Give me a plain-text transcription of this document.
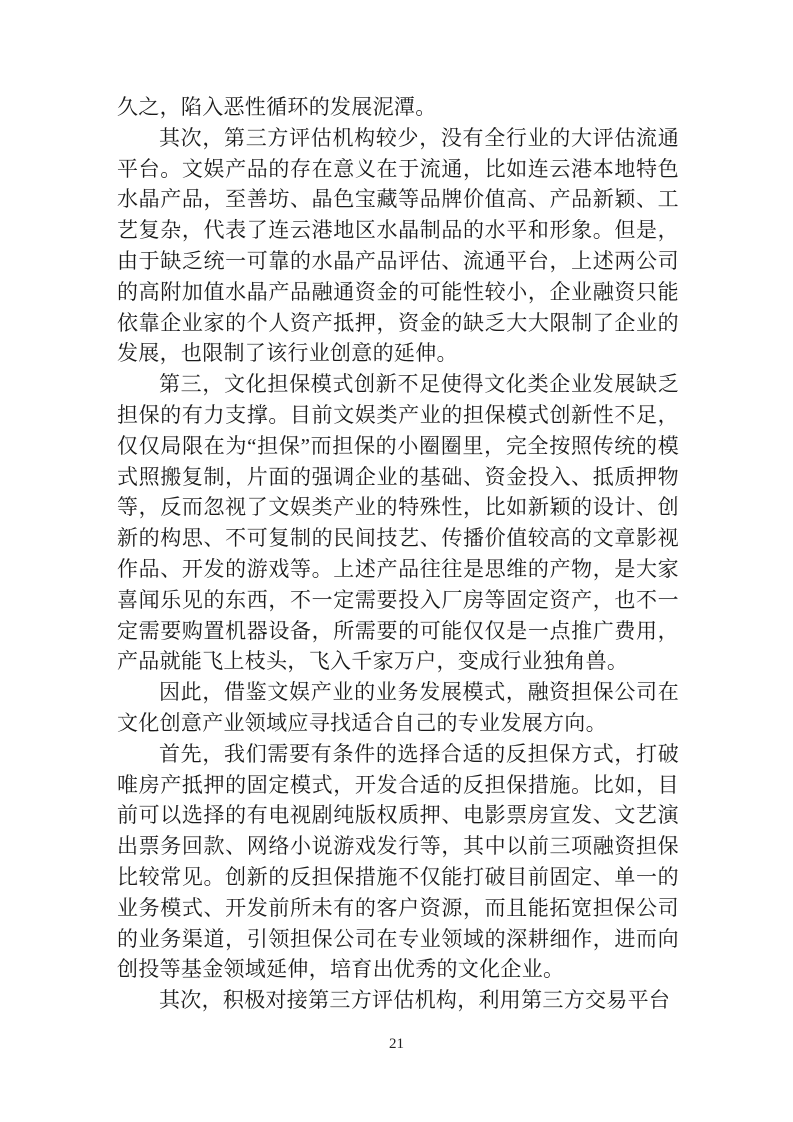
久之，陷入恶性循环的发展泥潭。

其次，第三方评估机构较少，没有全行业的大评估流通平台。文娱产品的存在意义在于流通，比如连云港本地特色水晶产品，至善坊、晶色宝藏等品牌价值高、产品新颖、工艺复杂，代表了连云港地区水晶制品的水平和形象。但是，由于缺乏统一可靠的水晶产品评估、流通平台，上述两公司的高附加值水晶产品融通资金的可能性较小，企业融资只能依靠企业家的个人资产抵押，资金的缺乏大大限制了企业的发展，也限制了该行业创意的延伸。

第三，文化担保模式创新不足使得文化类企业发展缺乏担保的有力支撑。目前文娱类产业的担保模式创新性不足，仅仅局限在为“担保”而担保的小圈圈里，完全按照传统的模式照搬复制，片面的强调企业的基础、资金投入、抵质押物等，反而忽视了文娱类产业的特殊性，比如新颖的设计、创新的构思、不可复制的民间技艺、传播价值较高的文章影视作品、开发的游戏等。上述产品往往是思维的产物，是大家喜闻乐见的东西，不一定需要投入厂房等固定资产，也不一定需要购置机器设备，所需要的可能仅仅是一点推广费用，产品就能飞上枝头，飞入千家万户，变成行业独角兽。

因此，借鉴文娱产业的业务发展模式，融资担保公司在文化创意产业领域应寻找适合自己的专业发展方向。

首先，我们需要有条件的选择合适的反担保方式，打破唯房产抵押的固定模式，开发合适的反担保措施。比如，目前可以选择的有电视剧纯版权质押、电影票房宣发、文艺演出票务回款、网络小说游戏发行等，其中以前三项融资担保比较常见。创新的反担保措施不仅能打破目前固定、单一的业务模式、开发前所未有的客户资源，而且能拓宽担保公司的业务渠道，引领担保公司在专业领域的深耕细作，进而向创投等基金领域延伸，培育出优秀的文化企业。

其次，积极对接第三方评估机构，利用第三方交易平台

21
